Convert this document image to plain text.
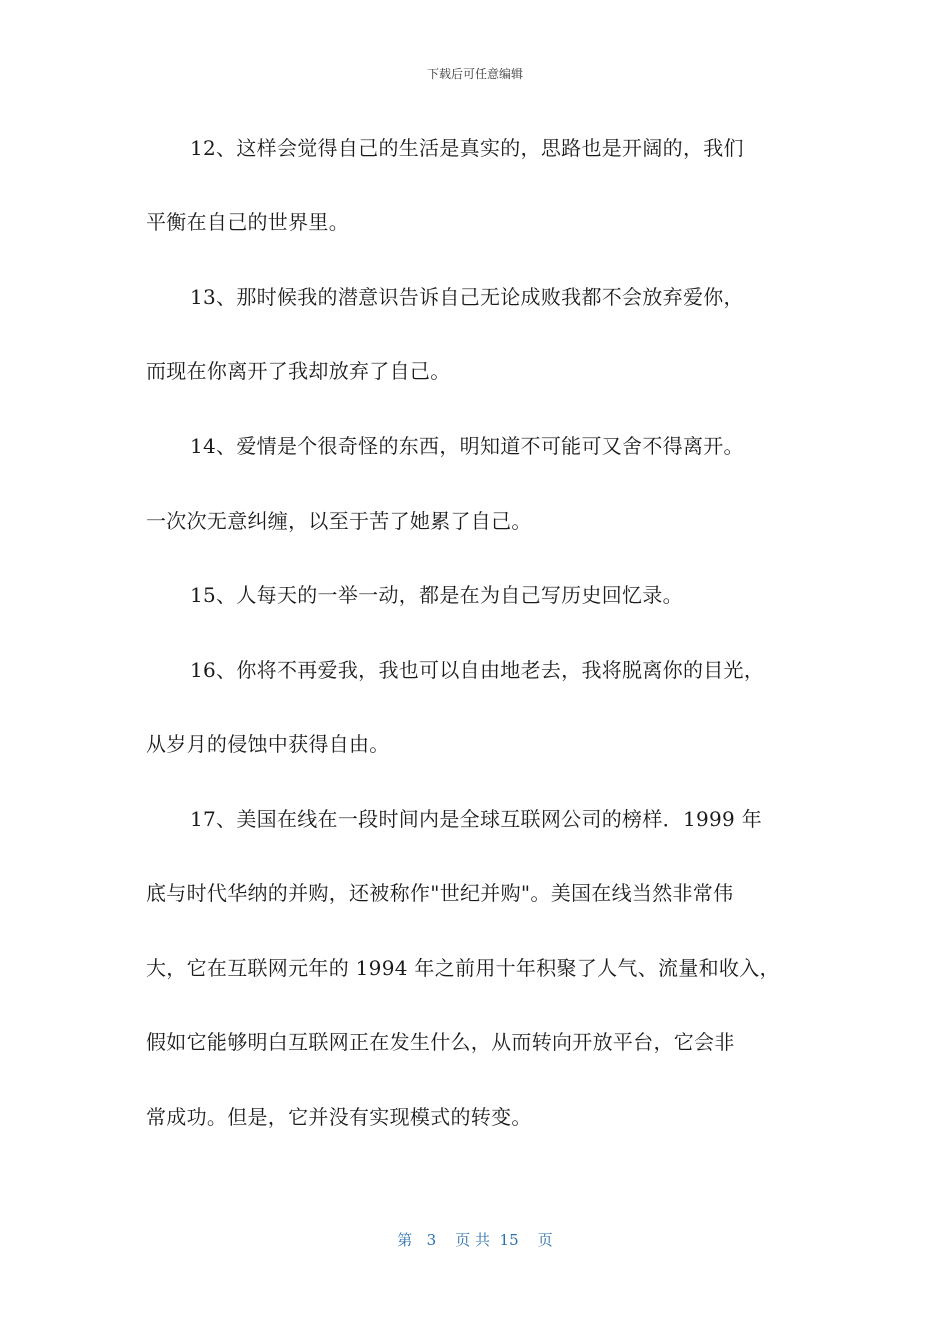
下载后可任意编辑
12、这样会觉得自己的生活是真实的，思路也是开阔的，我们
平衡在自己的世界里。
13、那时候我的潜意识告诉自己无论成败我都不会放弃爱你，
而现在你离开了我却放弃了自己。
14、爱情是个很奇怪的东西，明知道不可能可又舍不得离开。
一次次无意纠缠，以至于苦了她累了自己。
15、人每天的一举一动，都是在为自己写历史回忆录。
16、你将不再爱我，我也可以自由地老去，我将脱离你的目光，
从岁月的侵蚀中获得自由。
17、美国在线在一段时间内是全球互联网公司的榜样．1999 年
底与时代华纳的并购，还被称作"世纪并购"。美国在线当然非常伟
大，它在互联网元年的 1994 年之前用十年积聚了人气、流量和收入，
假如它能够明白互联网正在发生什么，从而转向开放平台，它会非
常成功。但是，它并没有实现模式的转变。
第 3 页 共 15 页
